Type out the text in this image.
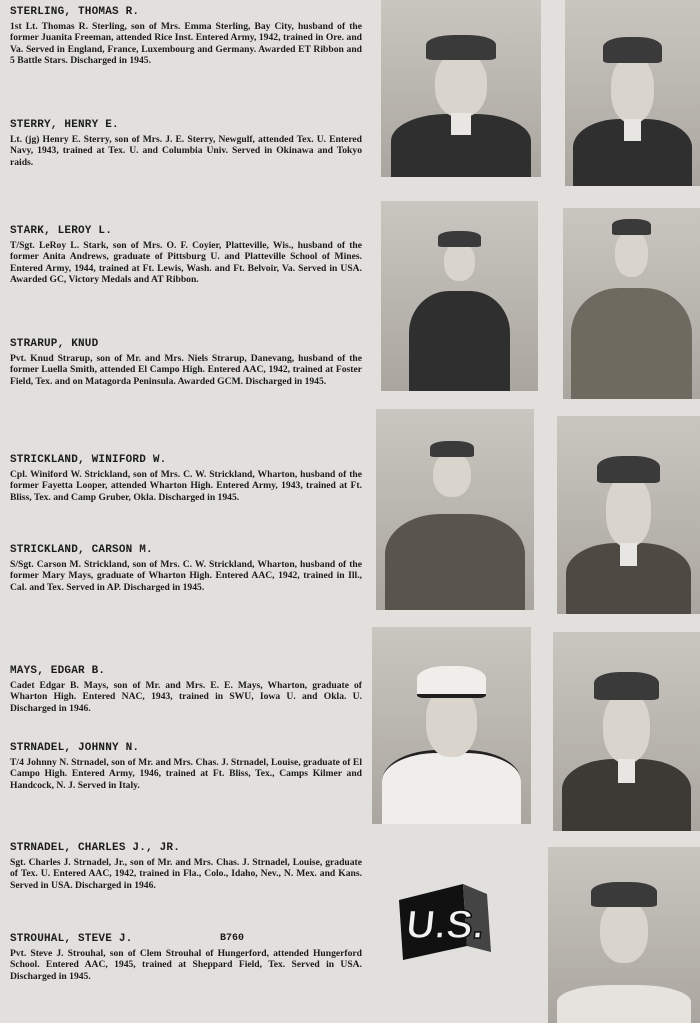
STERLING, THOMAS R.

1st Lt. Thomas R. Sterling, son of Mrs. Emma Sterling, Bay City, husband of the former Juanita Freeman, attended Rice Inst. Entered Army, 1942, trained in Ore. and Va. Served in England, France, Luxembourg and Germany. Awarded ET Ribbon and 5 Battle Stars. Discharged in 1945.

STERRY, HENRY E.

Lt. (jg) Henry E. Sterry, son of Mrs. J. E. Sterry, Newgulf, attended Tex. U. Entered Navy, 1943, trained at Tex. U. and Columbia Univ. Served in Okinawa and Tokyo raids.

STARK, LEROY L.

T/Sgt. LeRoy L. Stark, son of Mrs. O. F. Coyier, Platteville, Wis., husband of the former Anita Andrews, graduate of Pittsburg U. and Platteville School of Mines. Entered Army, 1944, trained at Ft. Lewis, Wash. and Ft. Belvoir, Va. Served in USA. Awarded GC, Victory Medals and AT Ribbon.

STRARUP, KNUD

Pvt. Knud Strarup, son of Mr. and Mrs. Niels Strarup, Danevang, husband of the former Luella Smith, attended El Campo High. Entered AAC, 1942, trained at Foster Field, Tex. and on Matagorda Peninsula. Awarded GCM. Discharged in 1945.

STRICKLAND, WINIFORD W.

Cpl. Winiford W. Strickland, son of Mrs. C. W. Strickland, Wharton, husband of the former Fayetta Looper, attended Wharton High. Entered Army, 1943, trained at Ft. Bliss, Tex. and Camp Gruber, Okla. Discharged in 1945.

STRICKLAND, CARSON M.

S/Sgt. Carson M. Strickland, son of Mrs. C. W. Strickland, Wharton, husband of the former Mary Mays, graduate of Wharton High. Entered AAC, 1942, trained in Ill., Cal. and Tex. Served in AP. Discharged in 1945.

MAYS, EDGAR B.

Cadet Edgar B. Mays, son of Mr. and Mrs. E. E. Mays, Wharton, graduate of Wharton High. Entered NAC, 1943, trained in SWU, Iowa U. and Okla. U. Discharged in 1946.

STRNADEL, JOHNNY N.

T/4 Johnny N. Strnadel, son of Mr. and Mrs. Chas. J. Strnadel, Louise, graduate of El Campo High. Entered Army, 1946, trained at Ft. Bliss, Tex., Camps Kilmer and Handcock, N. J. Served in Italy.

STRNADEL, CHARLES J., JR.

Sgt. Charles J. Strnadel, Jr., son of Mr. and Mrs. Chas. J. Strnadel, Louise, graduate of Tex. U. Entered AAC, 1942, trained in Fla., Colo., Idaho, Nev., N. Mex. and Kans. Served in USA. Discharged in 1946.

STROUHAL, STEVE J.	B760

Pvt. Steve J. Strouhal, son of Clem Strouhal of Hungerford, attended Hungerford School. Entered AAC, 1945, trained at Sheppard Field, Tex. Served in USA. Discharged in 1945.

U.S.
